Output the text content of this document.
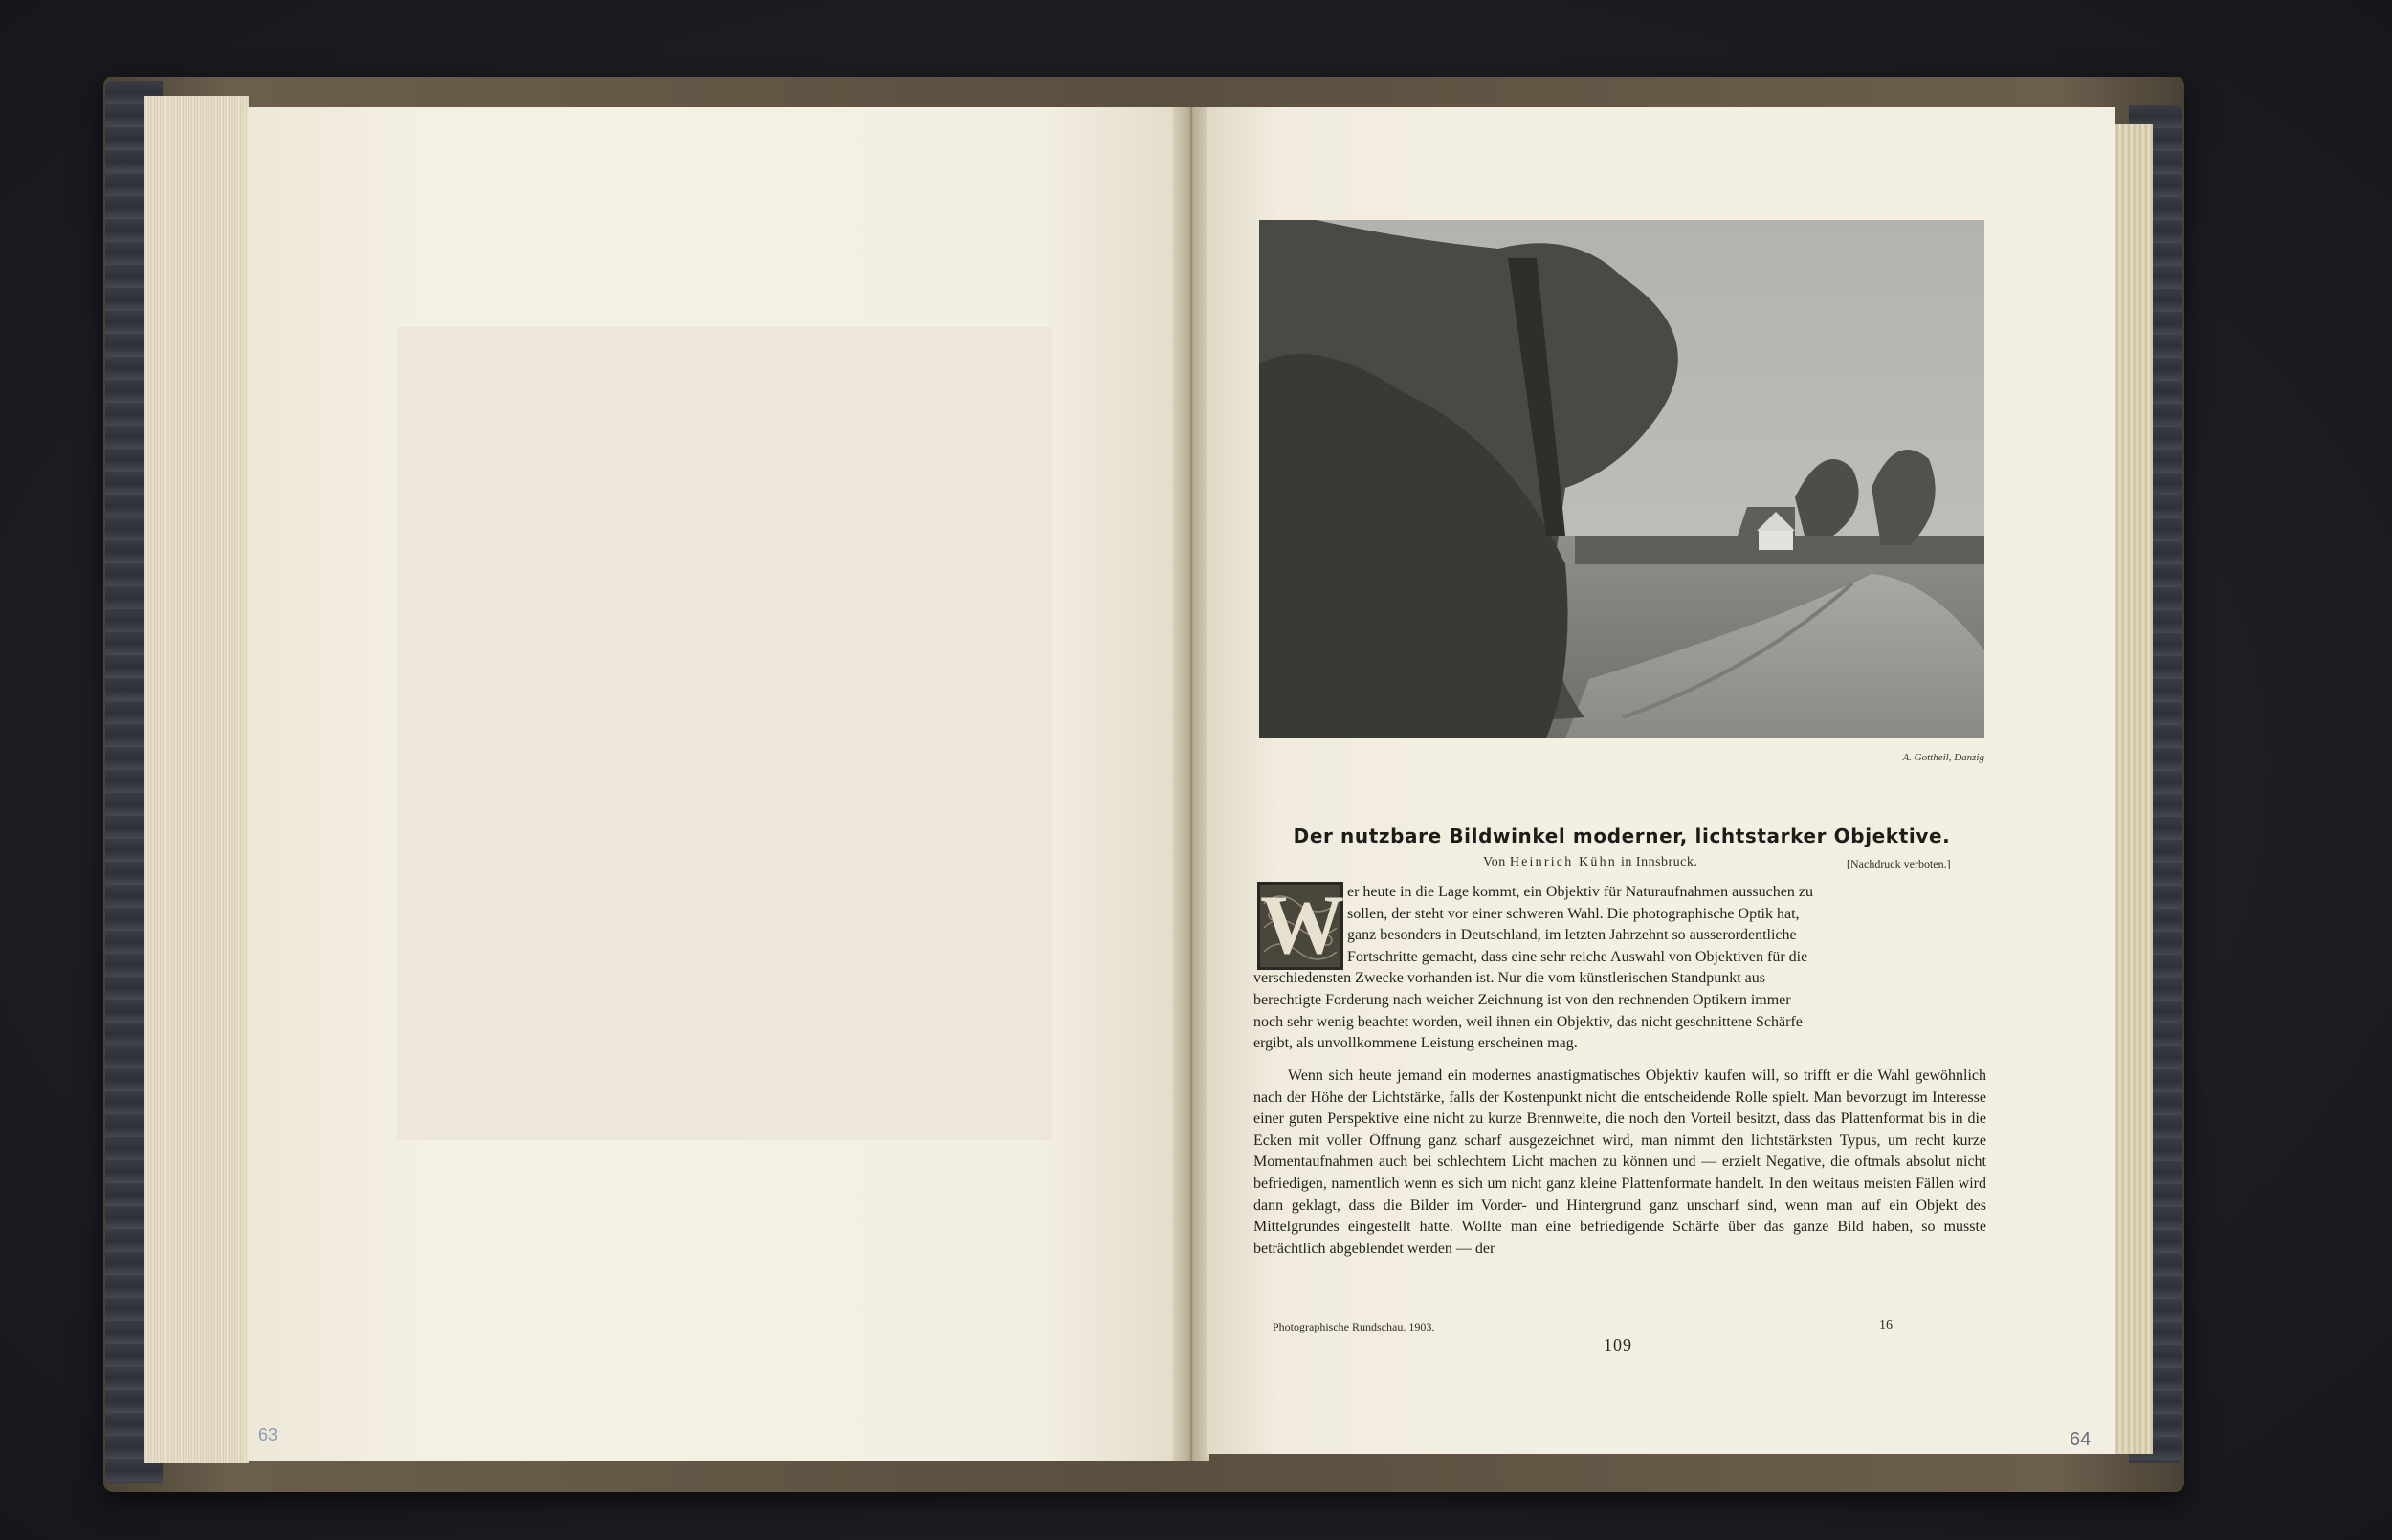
63	64
A. Gottheil, Danzig
Der nutzbare Bildwinkel moderner, lichtstarker Objektive.
Von Heinrich Kühn in Innsbruck.	[Nachdruck verboten.]
W er heute in die Lage kommt, ein Objektiv für Naturaufnahmen aussuchen zu
sollen, der steht vor einer schweren Wahl. Die photographische Optik hat,
ganz besonders in Deutschland, im letzten Jahrzehnt so ausserordentliche
Fortschritte gemacht, dass eine sehr reiche Auswahl von Objektiven für die
verschiedensten Zwecke vorhanden ist. Nur die vom künstlerischen Standpunkt aus
berechtigte Forderung nach weicher Zeichnung ist von den rechnenden Optikern immer
noch sehr wenig beachtet worden, weil ihnen ein Objektiv, das nicht geschnittene Schärfe
ergibt, als unvollkommene Leistung erscheinen mag.

Wenn sich heute jemand ein modernes anastigmatisches Objektiv kaufen will, so trifft er die Wahl gewöhnlich nach der Höhe der Lichtstärke, falls der Kostenpunkt nicht die entscheidende Rolle spielt. Man bevorzugt im Interesse einer guten Perspektive eine nicht zu kurze Brennweite, die noch den Vorteil besitzt, dass das Plattenformat bis in die Ecken mit voller Öffnung ganz scharf ausgezeichnet wird, man nimmt den lichtstärksten Typus, um recht kurze Momentaufnahmen auch bei schlechtem Licht machen zu können und — erzielt Negative, die oftmals absolut nicht befriedigen, namentlich wenn es sich um nicht ganz kleine Plattenformate handelt. In den weitaus meisten Fällen wird dann geklagt, dass die Bilder im Vorder- und Hintergrund ganz unscharf sind, wenn man auf ein Objekt des Mittelgrundes eingestellt hatte. Wollte man eine befriedigende Schärfe über das ganze Bild haben, so musste beträchtlich abgeblendet werden — der

Photographische Rundschau. 1903.	16
109
